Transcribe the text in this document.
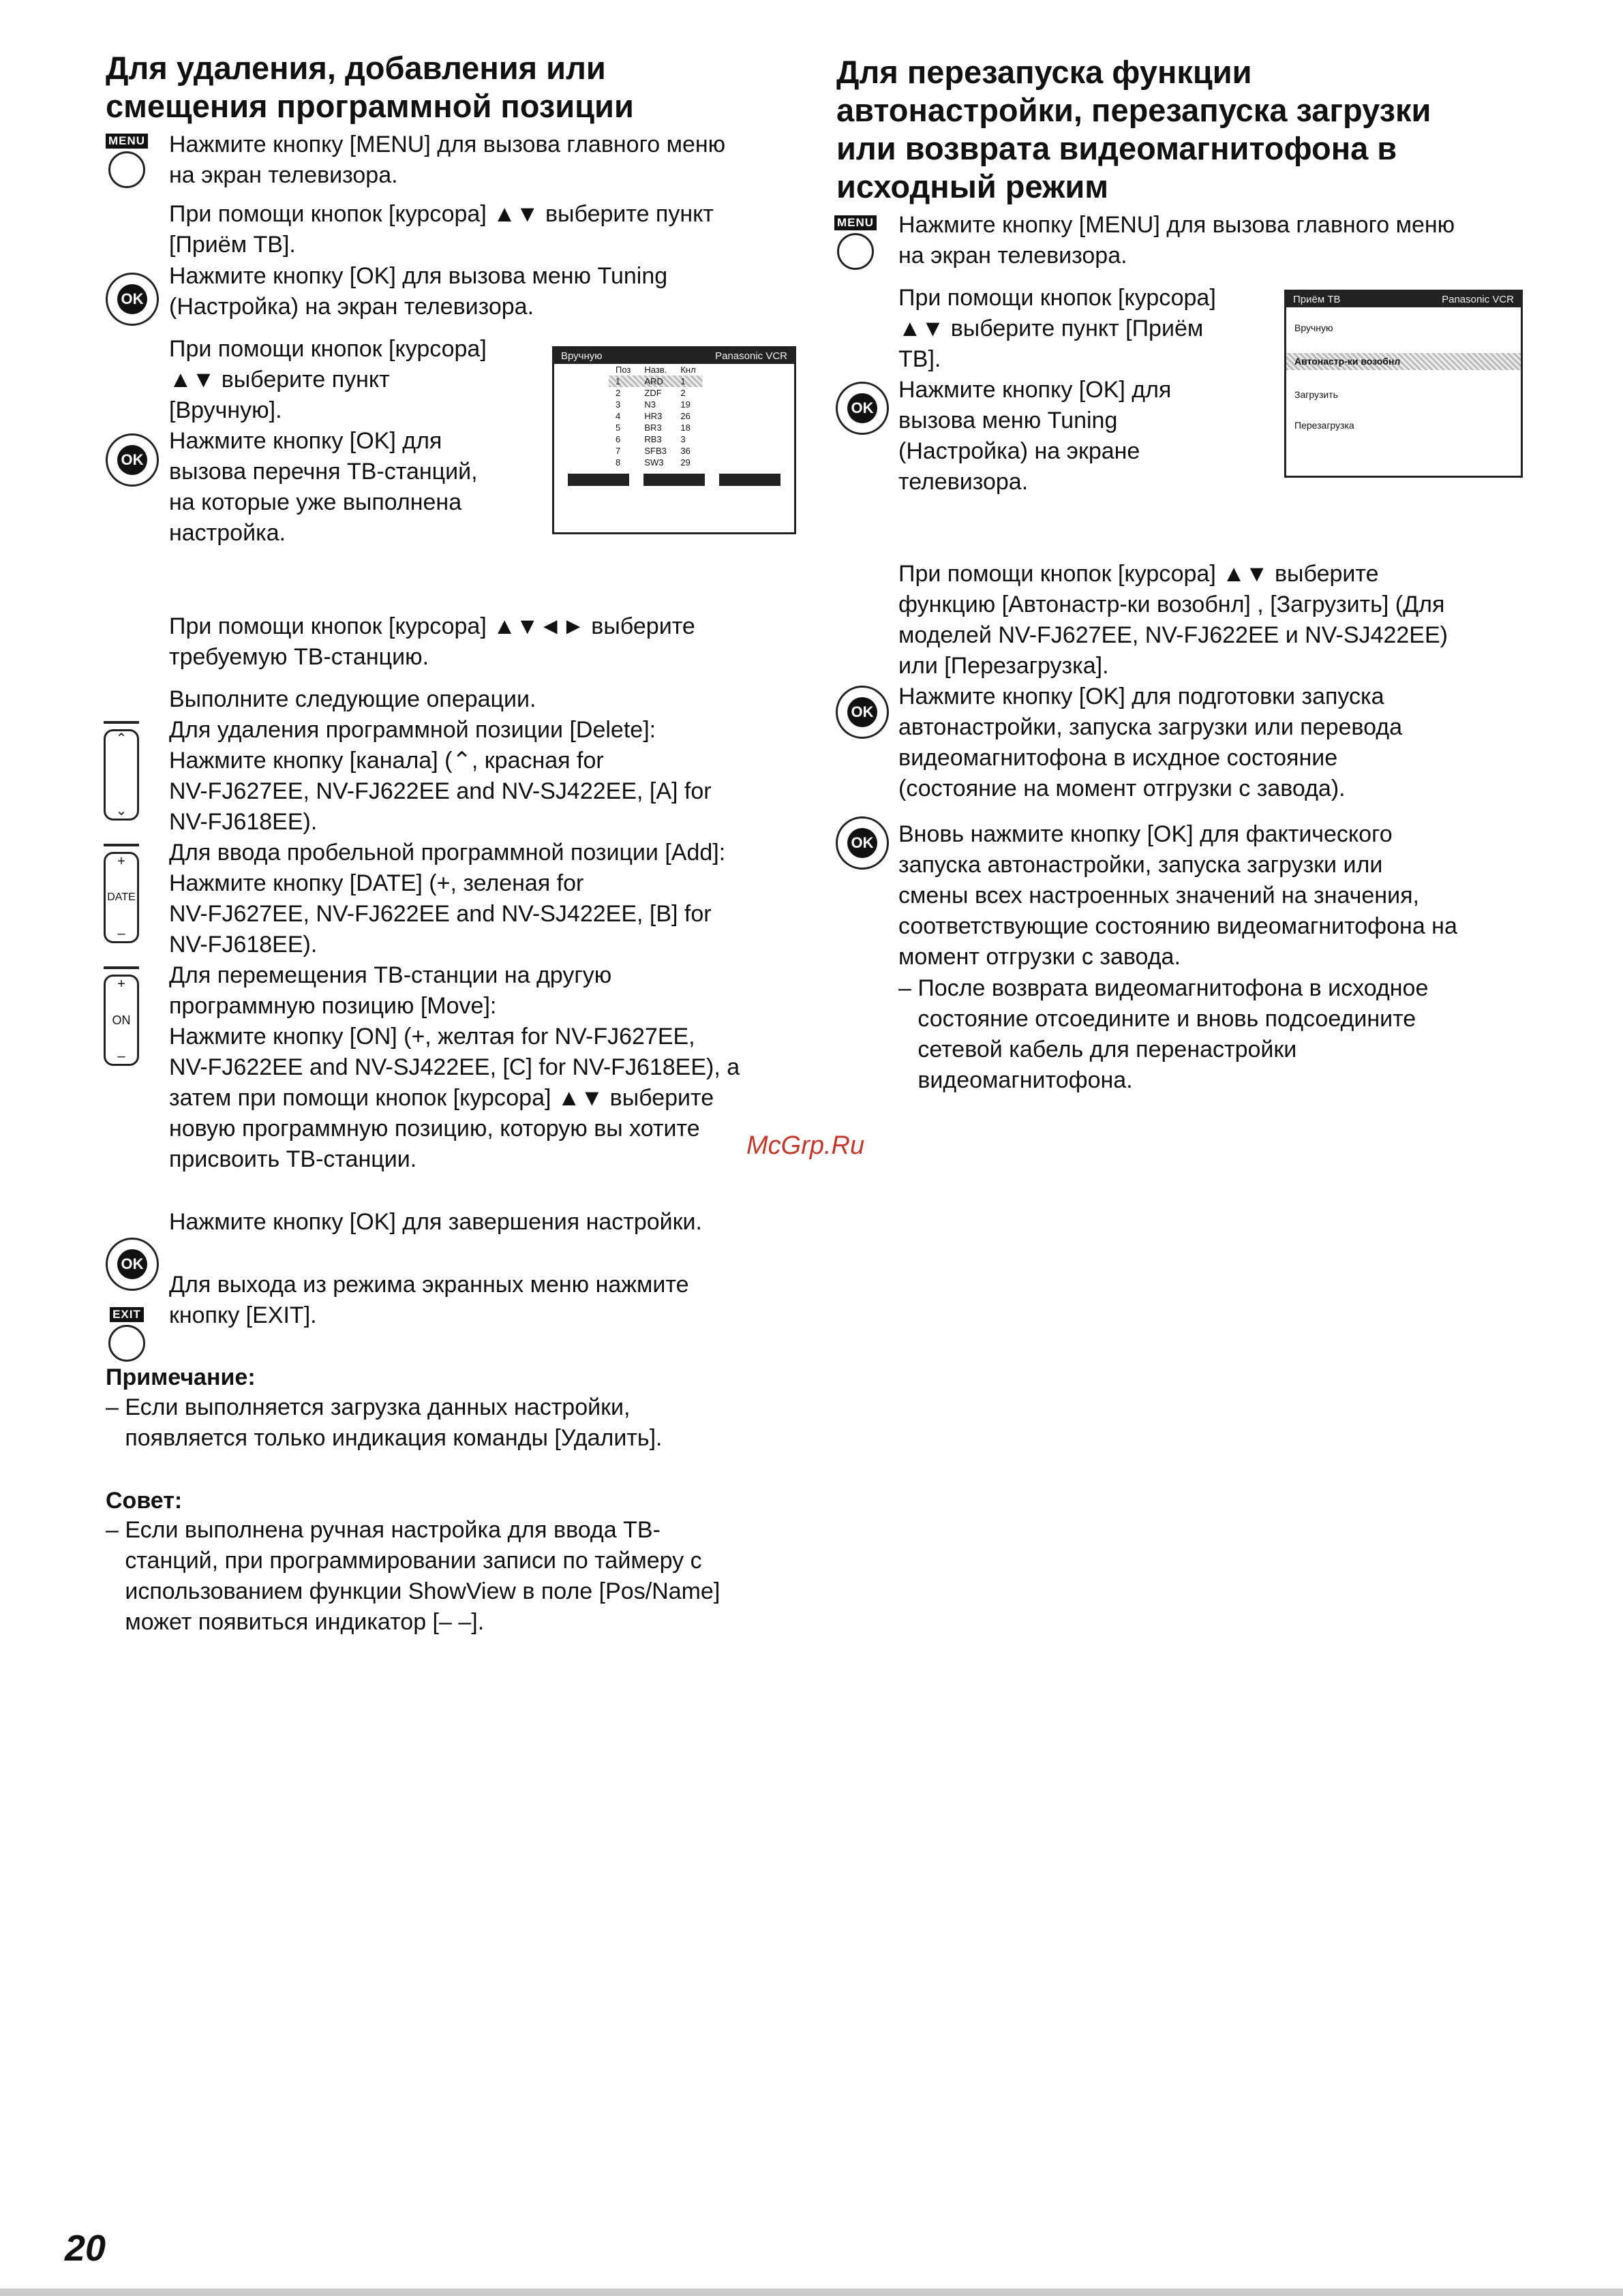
Для удаления, добавления или
смещения программной позиции
MENU Нажмите кнопку [MENU] для вызова главного меню
на экран телевизора.

При помощи кнопок [курсора] ▲▼ выберите пункт
[Приём ТВ].

OK

Нажмите кнопку [OK] для вызова меню Tuning
(Настройка) на экран телевизора.

При помощи кнопок [курсора]
▲▼ выберите пункт
[Вручную].

OK

Нажмите кнопку [OK] для
вызова перечня ТВ-станций,
на которые уже выполнена
настройка.

Вручную	Panasonic VCR
Поз	Назв.	Кнл
1	ARD	1
2	ZDF	2
3	N3	19
4	HR3	26
5	BR3	18
6	RB3	3
7	SFB3	36
8	SW3	29

При помощи кнопок [курсора] ▲▼◄► выберите
требуемую ТВ-станцию.

Выполните следующие операции.

⌃
⌄

Для удаления программной позиции [Delete]:
Нажмите кнопку [канала] (⌃, красная for
NV-FJ627EE, NV-FJ622EE and NV-SJ422EE, [A] for
NV-FJ618EE).

+
DATE
–

Для ввода пробельной программной позиции [Add]:
Нажмите кнопку [DATE] (+, зеленая for
NV-FJ627EE, NV-FJ622EE and NV-SJ422EE, [B] for
NV-FJ618EE).

+
ON
–

Для перемещения ТВ-станции на другую
программную позицию [Move]:
Нажмите кнопку [ON] (+, желтая for NV-FJ627EE,
NV-FJ622EE and NV-SJ422EE, [C] for NV-FJ618EE), а
затем при помощи кнопок [курсора] ▲▼ выберите
новую программную позицию, которую вы хотите
присвоить ТВ-станции.	McGrp.Ru

Нажмите кнопку [OK] для завершения настройки.

OK

Для выхода из режима экранных меню нажмите
кнопку [EXIT].

EXIT

Примечание:

– Если выполняется загрузка данных настройки,
появляется только индикация команды [Удалить].

Совет:

– Если выполнена ручная настройка для ввода ТВ-
станций, при программировании записи по таймеру с
использованием функции ShowView в поле [Pos/Name]
может появиться индикатор [– –].

Для перезапуска функции
автонастройки, перезапуска загрузки
или возврата видеомагнитофона в
исходный режим
MENU Нажмите кнопку [MENU] для вызова главного меню
на экран телевизора.

При помощи кнопок [курсора]
▲▼ выберите пункт [Приём
ТВ].

OK

Нажмите кнопку [OK] для
вызова меню Tuning
(Настройка) на экране
телевизора.

Приём ТВ	Panasonic VCR
Вручную
Автонастр-ки возобнл
Загрузить
Перезагрузка

При помощи кнопок [курсора] ▲▼ выберите
функцию [Автонастр-ки возобнл] , [Загрузить] (Для
моделей NV-FJ627EE, NV-FJ622EE и NV-SJ422EE)
или [Перезагрузка].

OK

Нажмите кнопку [OK] для подготовки запуска
автонастройки, запуска загрузки или перевода
видеомагнитофона в исхдное состояние
(состояние на момент отгрузки с завода).

OK Вновь нажмите кнопку [OK] для фактического
запуска автонастройки, запуска загрузки или
смены всех настроенных значений на значения,
соответствующие состоянию видеомагнитофона на
момент отгрузки с завода.

– После возврата видеомагнитофона в исходное
состояние отсоедините и вновь подсоедините
сетевой кабель для перенастройки
видеомагнитофона.

20
